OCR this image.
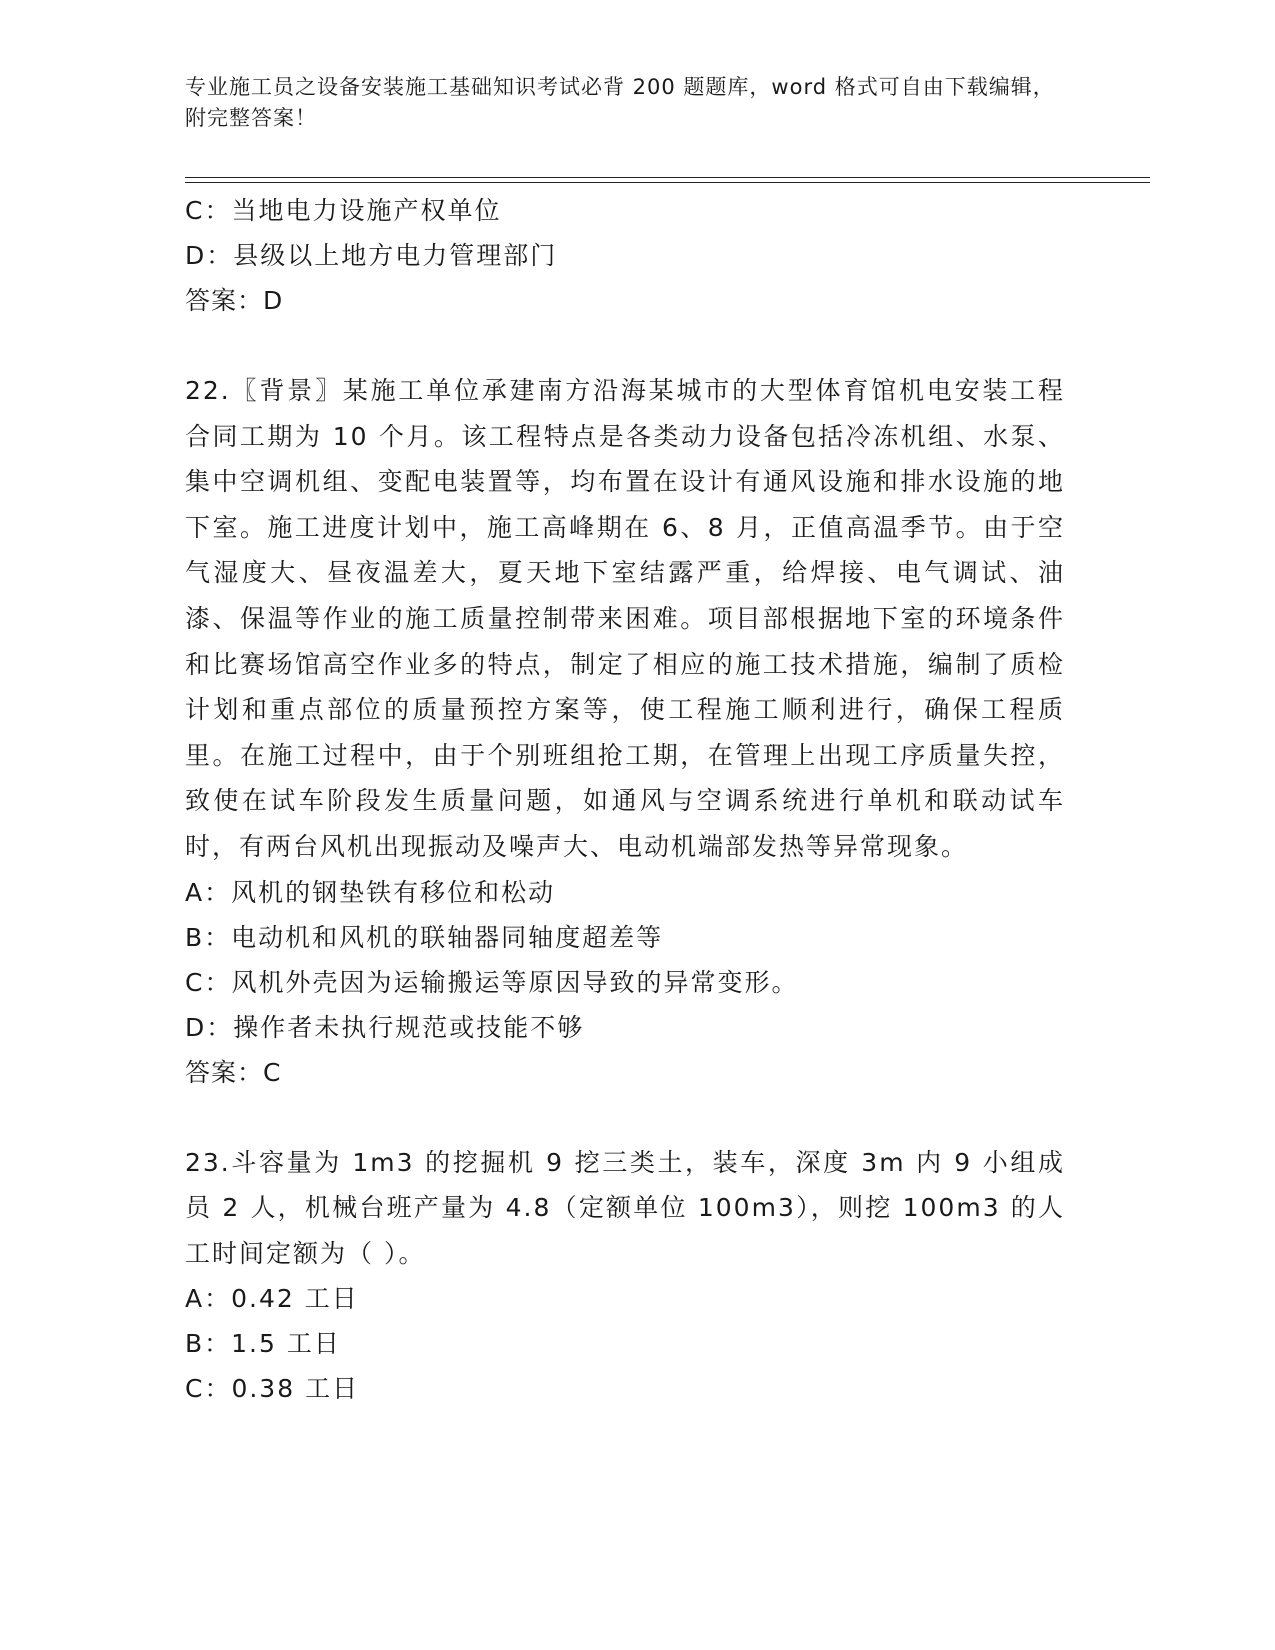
专业施工员之设备安装施工基础知识考试必背 200 题题库，word 格式可自由下载编辑，附完整答案！
C：当地电力设施产权单位
D：县级以上地方电力管理部门
答案：D
22.〖背景〗某施工单位承建南方沿海某城市的大型体育馆机电安装工程合同工期为 10 个月。该工程特点是各类动力设备包括冷冻机组、水泵、集中空调机组、变配电装置等，均布置在设计有通风设施和排水设施的地下室。施工进度计划中，施工高峰期在 6、8 月，正值高温季节。由于空气湿度大、昼夜温差大，夏天地下室结露严重，给焊接、电气调试、油漆、保温等作业的施工质量控制带来困难。项目部根据地下室的环境条件和比赛场馆高空作业多的特点，制定了相应的施工技术措施，编制了质检计划和重点部位的质量预控方案等，使工程施工顺利进行，确保工程质里。在施工过程中，由于个别班组抢工期，在管理上出现工序质量失控，致使在试车阶段发生质量问题，如通风与空调系统进行单机和联动试车时，有两台风机出现振动及噪声大、电动机端部发热等异常现象。
A：风机的钢垫铁有移位和松动
B：电动机和风机的联轴器同轴度超差等
C：风机外壳因为运输搬运等原因导致的异常变形。
D：操作者未执行规范或技能不够
答案：C
23.斗容量为 1m3 的挖掘机 9 挖三类土，装车，深度 3m 内 9 小组成员 2 人，机械台班产量为 4.8（定额单位 100m3），则挖 100m3 的人工时间定额为（ ）。
A：0.42 工日
B：1.5 工日
C：0.38 工日
